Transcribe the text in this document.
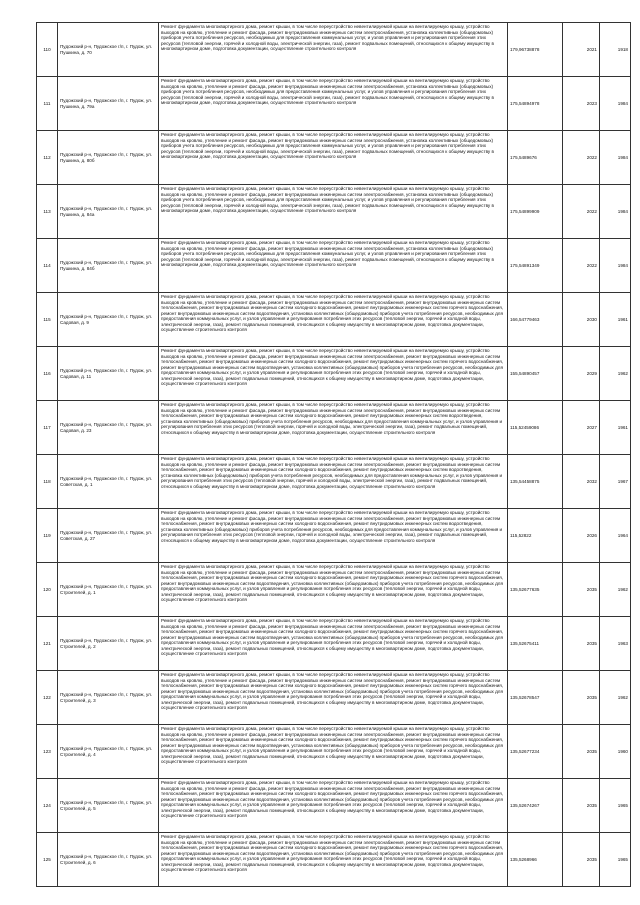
110	Пудожский р-н, Пудожское г/п, г. Пудож, ул. Пушкина, д. 70	Ремонт фундамента многоквартирного дома, ремонт крыши, в том числе переустройство невентилируемой крыши на вентилируемую крышу, устройство выходов на кровлю, утепление и ремонт фасада, ремонт внутридомовых инженерных систем электроснабжения, установка коллективных (общедомовых) приборов учета потребления ресурсов, необходимых для предоставления коммунальных услуг, и узлов управления и регулирования потребления этих ресурсов (тепловой энергии, горячей и холодной воды, электрической энергии, газа), ремонт подвальных помещений, относящихся к общему имуществу в многоквартирном доме, подготовка документации, осуществление строительного контроля	179,96738878	2021	1918

111	Пудожский р-н, Пудожское г/п, г. Пудож, ул. Пушкина, д. 79а	Ремонт фундамента многоквартирного дома, ремонт крыши, в том числе переустройство невентилируемой крыши на вентилируемую крышу, устройство выходов на кровлю, утепление и ремонт фасада, ремонт внутридомовых инженерных систем электроснабжения, установка коллективных (общедомовых) приборов учета потребления ресурсов, необходимых для предоставления коммунальных услуг, и узлов управления и регулирования потребления этих ресурсов (тепловой энергии, горячей и холодной воды, электрической энергии, газа), ремонт подвальных помещений, относящихся к общему имуществу в многоквартирном доме, подготовка документации, осуществление строительного контроля	175,54894978	2023	1984

112	Пудожский р-н, Пудожское г/п, г. Пудож, ул. Пушкина, д. 80б	Ремонт фундамента многоквартирного дома, ремонт крыши, в том числе переустройство невентилируемой крыши на вентилируемую крышу, устройство выходов на кровлю, утепление и ремонт фасада, ремонт внутридомовых инженерных систем электроснабжения, установка коллективных (общедомовых) приборов учета потребления ресурсов, необходимых для предоставления коммунальных услуг, и узлов управления и регулирования потребления этих ресурсов (тепловой энергии, горячей и холодной воды, электрической энергии, газа), ремонт подвальных помещений, относящихся к общему имуществу в многоквартирном доме, подготовка документации, осуществление строительного контроля	175,5489676	2022	1984

113	Пудожский р-н, Пудожское г/п, г. Пудож, ул. Пушкина, д. 84а	Ремонт фундамента многоквартирного дома, ремонт крыши, в том числе переустройство невентилируемой крыши на вентилируемую крышу, устройство выходов на кровлю, утепление и ремонт фасада, ремонт внутридомовых инженерных систем электроснабжения, установка коллективных (общедомовых) приборов учета потребления ресурсов, необходимых для предоставления коммунальных услуг, и узлов управления и регулирования потребления этих ресурсов (тепловой энергии, горячей и холодной воды, электрической энергии, газа), ремонт подвальных помещений, относящихся к общему имуществу в многоквартирном доме, подготовка документации, осуществление строительного контроля	175,54899909	2022	1984

114	Пудожский р-н, Пудожское г/п, г. Пудож, ул. Пушкина, д. 84б	Ремонт фундамента многоквартирного дома, ремонт крыши, в том числе переустройство невентилируемой крыши на вентилируемую крышу, устройство выходов на кровлю, утепление и ремонт фасада, ремонт внутридомовых инженерных систем электроснабжения, установка коллективных (общедомовых) приборов учета потребления ресурсов, необходимых для предоставления коммунальных услуг, и узлов управления и регулирования потребления этих ресурсов (тепловой энергии, горячей и холодной воды, электрической энергии, газа), ремонт подвальных помещений, относящихся к общему имуществу в многоквартирном доме, подготовка документации, осуществление строительного контроля	175,54891349	2022	1984

115	Пудожский р-н, Пудожское г/п, г. Пудож, ул. Садовая, д. 9	Ремонт фундамента многоквартирного дома, ремонт крыши, в том числе переустройство невентилируемой крыши на вентилируемую крышу, устройство выходов на кровлю, утепление и ремонт фасада, ремонт внутридомовых инженерных систем электроснабжения, ремонт внутридомовых инженерных систем теплоснабжения, ремонт внутридомовых инженерных систем холодного водоснабжения, ремонт внутридомовых инженерных систем горячего водоснабжения, ремонт внутридомовых инженерных систем водоотведения, установка коллективных (общедомовых) приборов учета потребления ресурсов, необходимых для предоставления коммунальных услуг, и узлов управления и регулирования потребления этих ресурсов (тепловой энергии, горячей и холодной воды, электрической энергии, газа), ремонт подвальных помещений, относящихся к общему имуществу в многоквартирном доме, подготовка документации, осуществление строительного контроля	166,54779463	2030	1961

116	Пудожский р-н, Пудожское г/п, г. Пудож, ул. Садовая, д. 11	Ремонт фундамента многоквартирного дома, ремонт крыши, в том числе переустройство невентилируемой крыши на вентилируемую крышу, устройство выходов на кровлю, утепление и ремонт фасада, ремонт внутридомовых инженерных систем электроснабжения, ремонт внутридомовых инженерных систем теплоснабжения, ремонт внутридомовых инженерных систем холодного водоснабжения, ремонт внутридомовых инженерных систем горячего водоснабжения, ремонт внутридомовых инженерных систем водоотведения, установка коллективных (общедомовых) приборов учета потребления ресурсов, необходимых для предоставления коммунальных услуг, и узлов управления и регулирования потребления этих ресурсов (тепловой энергии, горячей и холодной воды, электрической энергии, газа), ремонт подвальных помещений, относящихся к общему имуществу в многоквартирном доме, подготовка документации, осуществление строительного контроля	155,54890457	2029	1962

117	Пудожский р-н, Пудожское г/п, г. Пудож, ул. Садовая, д. 23	Ремонт фундамента многоквартирного дома, ремонт крыши, в том числе переустройство невентилируемой крыши на вентилируемую крышу, устройство выходов на кровлю, утепление и ремонт фасада, ремонт внутридомовых инженерных систем электроснабжения, ремонт внутридомовых инженерных систем теплоснабжения, ремонт внутридомовых инженерных систем холодного водоснабжения, ремонт внутридомовых инженерных систем водоотведения, установка коллективных (общедомовых) приборов учета потребления ресурсов, необходимых для предоставления коммунальных услуг, и узлов управления и регулирования потребления этих ресурсов (тепловой энергии, горячей и холодной воды, электрической энергии, газа), ремонт подвальных помещений, относящихся к общему имуществу в многоквартирном доме, подготовка документации, осуществление строительного контроля	115,52459086	2027	1961

118	Пудожский р-н, Пудожское г/п, г. Пудож, ул. Советская, д. 1	Ремонт фундамента многоквартирного дома, ремонт крыши, в том числе переустройство невентилируемой крыши на вентилируемую крышу, устройство выходов на кровлю, утепление и ремонт фасада, ремонт внутридомовых инженерных систем электроснабжения, ремонт внутридомовых инженерных систем теплоснабжения, ремонт внутридомовых инженерных систем холодного водоснабжения, ремонт внутридомовых инженерных систем водоотведения, установка коллективных (общедомовых) приборов учета потребления ресурсов, необходимых для предоставления коммунальных услуг, и узлов управления и регулирования потребления этих ресурсов (тепловой энергии, горячей и холодной воды, электрической энергии, газа), ремонт подвальных помещений, относящихся к общему имуществу в многоквартирном доме, подготовка документации, осуществление строительного контроля	135,54458875	2032	1967

119	Пудожский р-н, Пудожское г/п, г. Пудож, ул. Советская, д. 27	Ремонт фундамента многоквартирного дома, ремонт крыши, в том числе переустройство невентилируемой крыши на вентилируемую крышу, устройство выходов на кровлю, утепление и ремонт фасада, ремонт внутридомовых инженерных систем электроснабжения, ремонт внутридомовых инженерных систем теплоснабжения, ремонт внутридомовых инженерных систем холодного водоснабжения, ремонт внутридомовых инженерных систем водоотведения, установка коллективных (общедомовых) приборов учета потребления ресурсов, необходимых для предоставления коммунальных услуг, и узлов управления и регулирования потребления этих ресурсов (тепловой энергии, горячей и холодной воды, электрической энергии, газа), ремонт подвальных помещений, относящихся к общему имуществу в многоквартирном доме, подготовка документации, осуществление строительного контроля	115,52822	2026	1964

120	Пудожский р-н, Пудожское г/п, г. Пудож, ул. Строителей, д. 1	Ремонт фундамента многоквартирного дома, ремонт крыши, в том числе переустройство невентилируемой крыши на вентилируемую крышу, устройство выходов на кровлю, утепление и ремонт фасада, ремонт внутридомовых инженерных систем электроснабжения, ремонт внутридомовых инженерных систем теплоснабжения, ремонт внутридомовых инженерных систем холодного водоснабжения, ремонт внутридомовых инженерных систем горячего водоснабжения, ремонт внутридомовых инженерных систем водоотведения, установка коллективных (общедомовых) приборов учета потребления ресурсов, необходимых для предоставления коммунальных услуг, и узлов управления и регулирования потребления этих ресурсов (тепловой энергии, горячей и холодной воды, электрической энергии, газа), ремонт подвальных помещений, относящихся к общему имуществу в многоквартирном доме, подготовка документации, осуществление строительного контроля	135,52677635	2035	1962

121	Пудожский р-н, Пудожское г/п, г. Пудож, ул. Строителей, д. 2	Ремонт фундамента многоквартирного дома, ремонт крыши, в том числе переустройство невентилируемой крыши на вентилируемую крышу, устройство выходов на кровлю, утепление и ремонт фасада, ремонт внутридомовых инженерных систем электроснабжения, ремонт внутридомовых инженерных систем теплоснабжения, ремонт внутридомовых инженерных систем холодного водоснабжения, ремонт внутридомовых инженерных систем горячего водоснабжения, ремонт внутридомовых инженерных систем водоотведения, установка коллективных (общедомовых) приборов учета потребления ресурсов, необходимых для предоставления коммунальных услуг, и узлов управления и регулирования потребления этих ресурсов (тепловой энергии, горячей и холодной воды, электрической энергии, газа), ремонт подвальных помещений, относящихся к общему имуществу в многоквартирном доме, подготовка документации, осуществление строительного контроля	135,52675411	2035	1963

122	Пудожский р-н, Пудожское г/п, г. Пудож, ул. Строителей, д. 3	Ремонт фундамента многоквартирного дома, ремонт крыши, в том числе переустройство невентилируемой крыши на вентилируемую крышу, устройство выходов на кровлю, утепление и ремонт фасада, ремонт внутридомовых инженерных систем электроснабжения, ремонт внутридомовых инженерных систем теплоснабжения, ремонт внутридомовых инженерных систем холодного водоснабжения, ремонт внутридомовых инженерных систем горячего водоснабжения, ремонт внутридомовых инженерных систем водоотведения, установка коллективных (общедомовых) приборов учета потребления ресурсов, необходимых для предоставления коммунальных услуг, и узлов управления и регулирования потребления этих ресурсов (тепловой энергии, горячей и холодной воды, электрической энергии, газа), ремонт подвальных помещений, относящихся к общему имуществу в многоквартирном доме, подготовка документации, осуществление строительного контроля	135,52678547	2035	1962

123	Пудожский р-н, Пудожское г/п, г. Пудож, ул. Строителей, д. 4	Ремонт фундамента многоквартирного дома, ремонт крыши, в том числе переустройство невентилируемой крыши на вентилируемую крышу, устройство выходов на кровлю, утепление и ремонт фасада, ремонт внутридомовых инженерных систем электроснабжения, ремонт внутридомовых инженерных систем теплоснабжения, ремонт внутридомовых инженерных систем холодного водоснабжения, ремонт внутридомовых инженерных систем горячего водоснабжения, ремонт внутридомовых инженерных систем водоотведения, установка коллективных (общедомовых) приборов учета потребления ресурсов, необходимых для предоставления коммунальных услуг, и узлов управления и регулирования потребления этих ресурсов (тепловой энергии, горячей и холодной воды, электрической энергии, газа), ремонт подвальных помещений, относящихся к общему имуществу в многоквартирном доме, подготовка документации, осуществление строительного контроля	135,52677234	2035	1960

124	Пудожский р-н, Пудожское г/п, г. Пудож, ул. Строителей, д. 5	Ремонт фундамента многоквартирного дома, ремонт крыши, в том числе переустройство невентилируемой крыши на вентилируемую крышу, устройство выходов на кровлю, утепление и ремонт фасада, ремонт внутридомовых инженерных систем электроснабжения, ремонт внутридомовых инженерных систем теплоснабжения, ремонт внутридомовых инженерных систем холодного водоснабжения, ремонт внутридомовых инженерных систем горячего водоснабжения, ремонт внутридомовых инженерных систем водоотведения, установка коллективных (общедомовых) приборов учета потребления ресурсов, необходимых для предоставления коммунальных услуг, и узлов управления и регулирования потребления этих ресурсов (тепловой энергии, горячей и холодной воды, электрической энергии, газа), ремонт подвальных помещений, относящихся к общему имуществу в многоквартирном доме, подготовка документации, осуществление строительного контроля	135,52674267	2035	1965

125	Пудожский р-н, Пудожское г/п, г. Пудож, ул. Строителей, д. 6	Ремонт фундамента многоквартирного дома, ремонт крыши, в том числе переустройство невентилируемой крыши на вентилируемую крышу, устройство выходов на кровлю, утепление и ремонт фасада, ремонт внутридомовых инженерных систем электроснабжения, ремонт внутридомовых инженерных систем теплоснабжения, ремонт внутридомовых инженерных систем холодного водоснабжения, ремонт внутридомовых инженерных систем горячего водоснабжения, ремонт внутридомовых инженерных систем водоотведения, установка коллективных (общедомовых) приборов учета потребления ресурсов, необходимых для предоставления коммунальных услуг, и узлов управления и регулирования потребления этих ресурсов (тепловой энергии, горячей и холодной воды, электрической энергии, газа), ремонт подвальных помещений, относящихся к общему имуществу в многоквартирном доме, подготовка документации, осуществление строительного контроля	135,5268966	2035	1965
